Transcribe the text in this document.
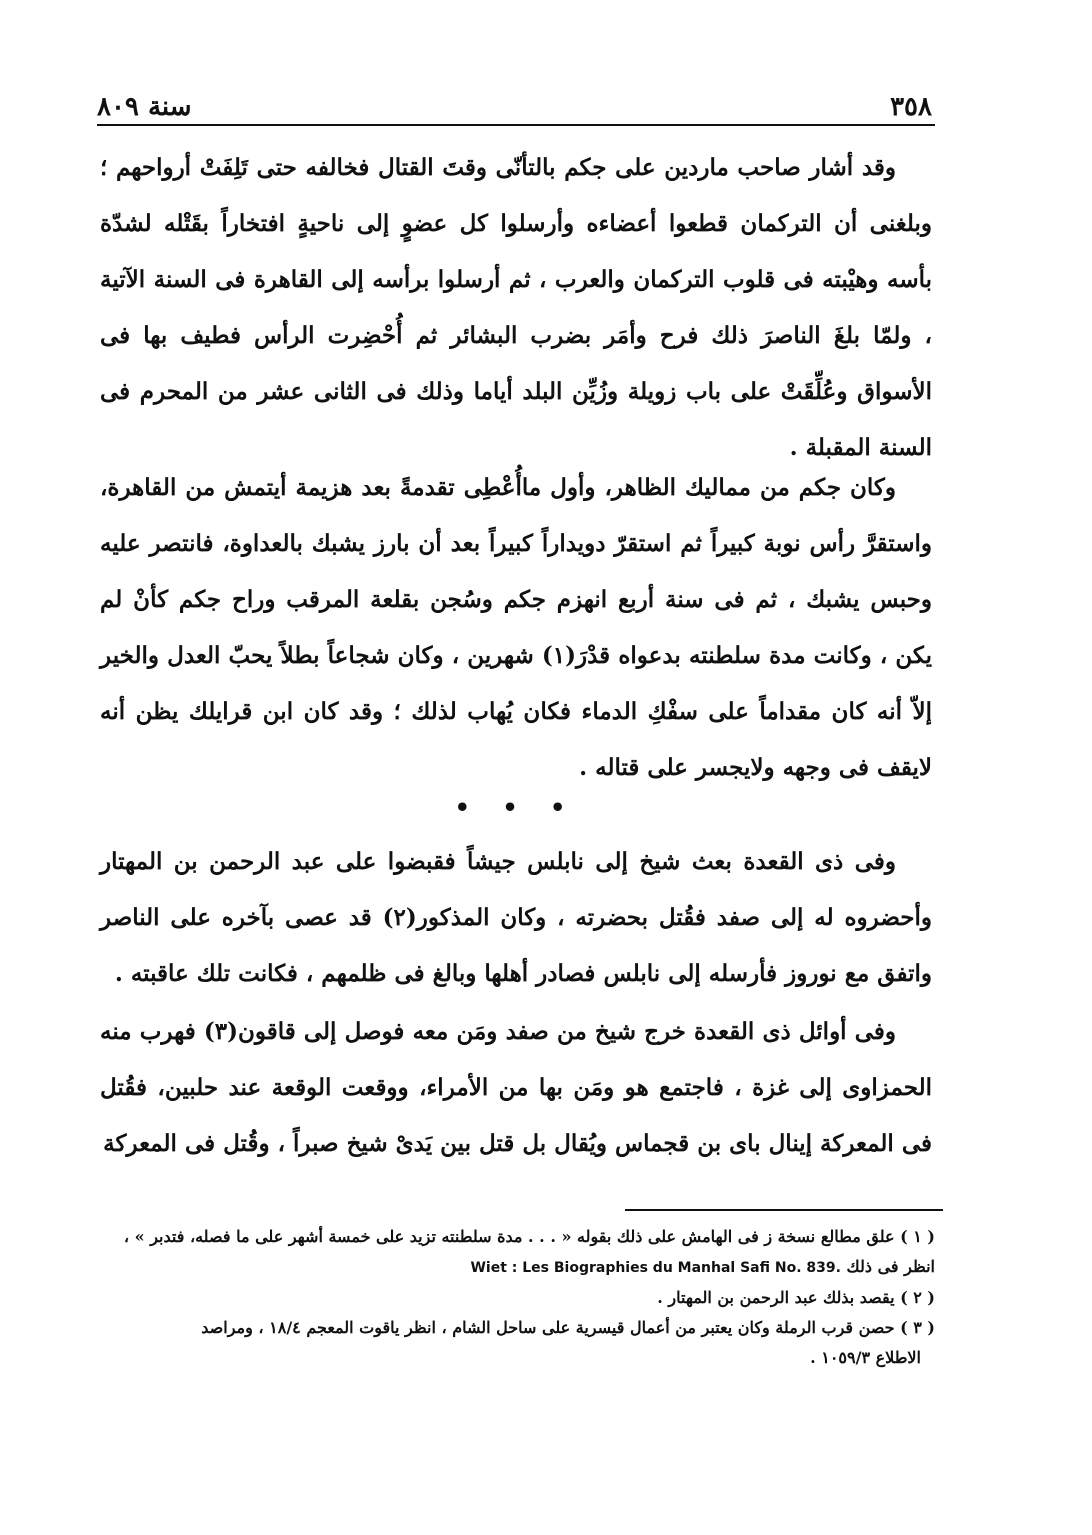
٣٥٨
سنة ٨٠٩

وقد أشار صاحب ماردين على جكم بالتأنّى وقتَ القتال فخالفه حتى تَلِفَتْ أرواحهم ؛ وبلغنى أن التركمان قطعوا أعضاءه وأرسلوا كل عضوٍ إلى ناحيةٍ افتخاراً بقَتْله لشدّة بأسه وهيْبته فى قلوب التركمان والعرب ، ثم أرسلوا برأسه إلى القاهرة فى السنة الآتية ، ولمّا بلغَ الناصرَ ذلك فرح وأمَر بضرب البشائر ثم أُحْضِرت الرأس فطيف بها فى الأسواق وعُلِّقَتْ على باب زويلة وزُيِّن البلد أياما وذلك فى الثانى عشر من المحرم فى السنة المقبلة .

وكان جكم من مماليك الظاهر، وأول ماأُعْطِى تقدمةً بعد هزيمة أيتمش من القاهرة، واستقرَّ رأس نوبة كبيراً ثم استقرّ دويداراً كبيراً بعد أن بارز يشبك بالعداوة، فانتصر عليه وحبس يشبك ، ثم فى سنة أربع انهزم جكم وسُجن بقلعة المرقب وراح جكم كأنْ لم يكن ، وكانت مدة سلطنته بدعواه قدْرَ(١) شهرين ، وكان شجاعاً بطلاً يحبّ العدل والخير إلاّ أنه كان مقداماً على سفْكِ الدماء فكان يُهاب لذلك ؛ وقد كان ابن قرايلك يظن أنه لايقف فى وجهه ولايجسر على قتاله .

• • •

وفى ذى القعدة بعث شيخ إلى نابلس جيشاً فقبضوا على عبد الرحمن بن المهتار وأحضروه له إلى صفد فقُتل بحضرته ، وكان المذكور(٢) قد عصى بآخره على الناصر واتفق مع نوروز فأرسله إلى نابلس فصادر أهلها وبالغ فى ظلمهم ، فكانت تلك عاقبته .

وفى أوائل ذى القعدة خرج شيخ من صفد ومَن معه فوصل إلى قاقون(٣) فهرب منه الحمزاوى إلى غزة ، فاجتمع هو ومَن بها من الأمراء، ووقعت الوقعة عند حلبين، فقُتل فى المعركة إينال باى بن قجماس ويُقال بل قتل بين يَدىْ شيخ صبراً ، وقُتل فى المعركة

( ١ ) علق مطالع نسخة ز فى الهامش على ذلك بقوله « . . . مدة سلطنته تزيد على خمسة أشهر على ما فصله، فتدبر » ، انظر فى ذلك Wiet : Les Biographies du Manhal Safi No. 839.

( ٢ ) يقصد بذلك عبد الرحمن بن المهتار .

( ٣ ) حصن قرب الرملة وكان يعتبر من أعمال قيسرية على ساحل الشام ، انظر ياقوت المعجم ١٨/٤ ، ومراصد

الاطلاع ١٠٥٩/٣ .
